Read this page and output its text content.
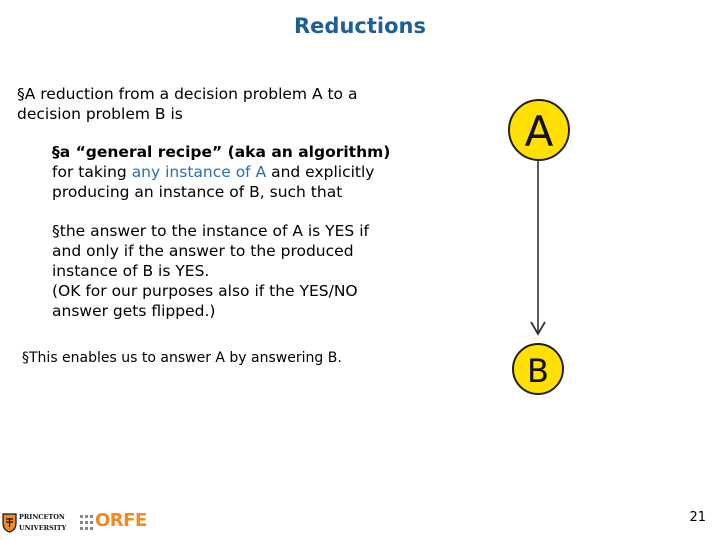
Reductions
§A reduction from a decision problem A to a decision problem B is
§a “general recipe” (aka an algorithm) for taking any instance of A and explicitly producing an instance of B, such that
§the answer to the instance of A is YES if and only if the answer to the produced instance of B is YES.
(OK for our purposes also if the YES/NO answer gets flipped.)
§This enables us to answer A by answering B.
A
B
PRINCETON
UNIVERSITY ORFE	21
